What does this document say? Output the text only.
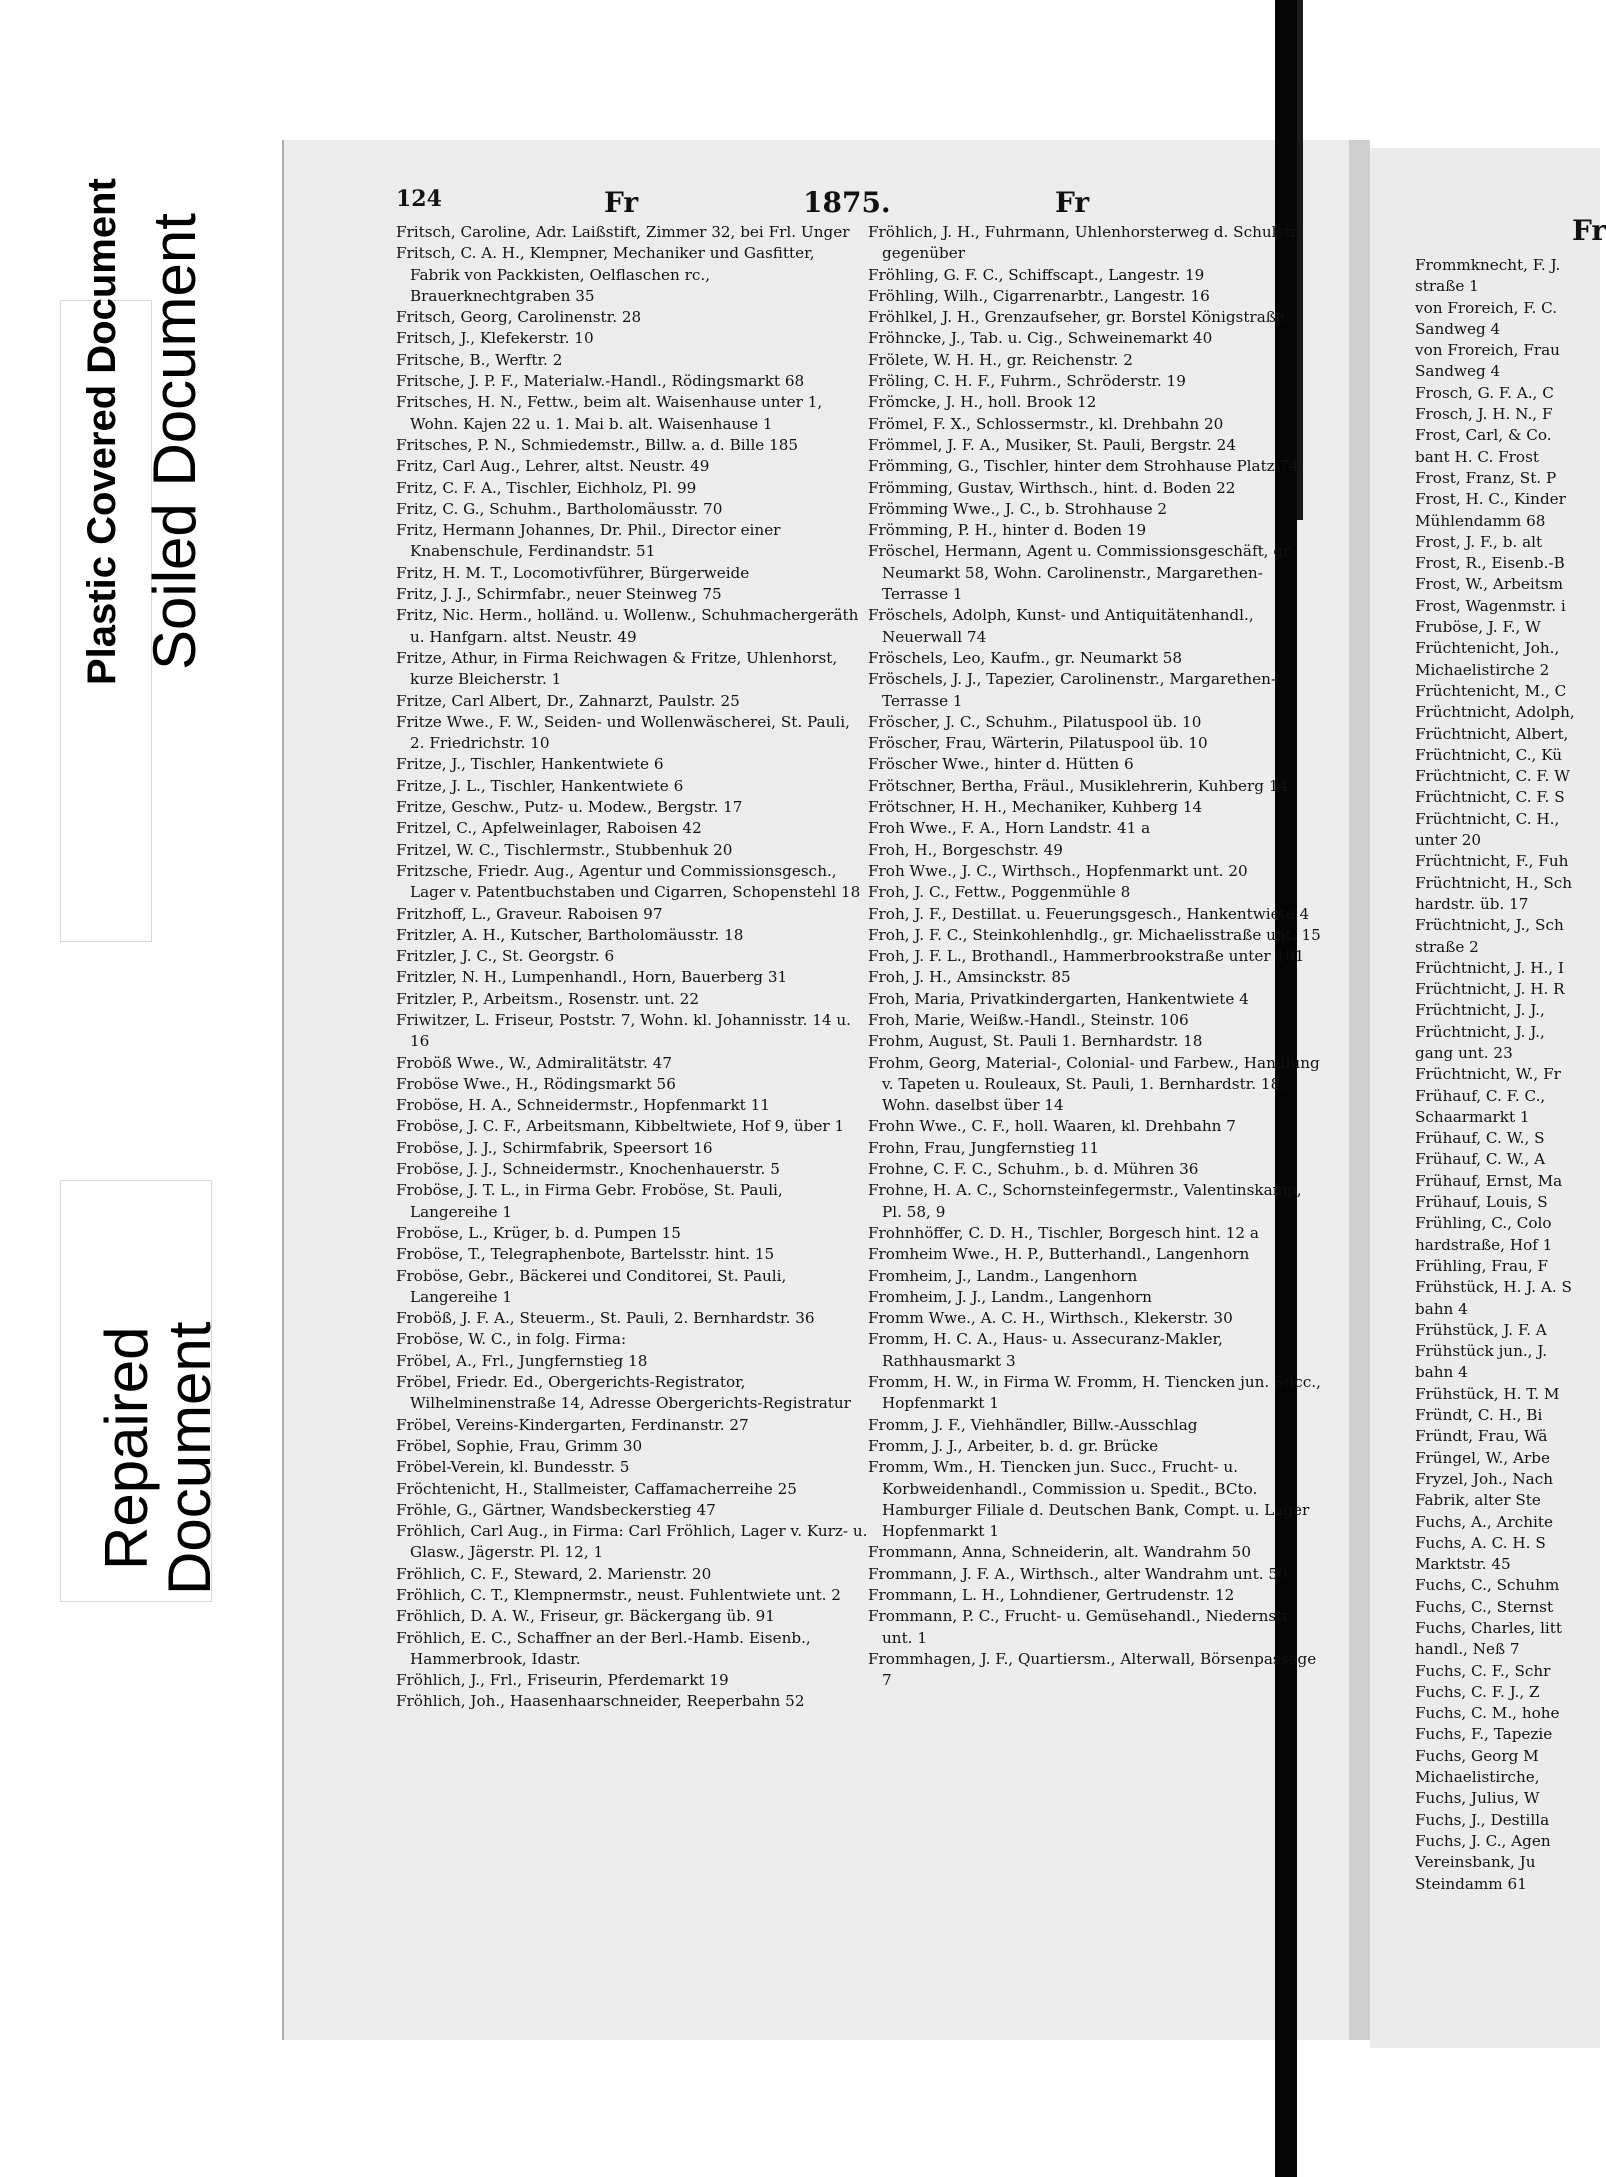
Plastic Covered Document Soiled Document
Repaired
Document
124	Fr	1875.	Fr
Fr

Fritsch, Caroline, Adr. Laißstift, Zimmer 32, bei Frl. Unger

Fritsch, C. A. H., Klempner, Mechaniker und Gasfitter, Fabrik von Packkisten, Oelflaschen rc., Brauerknechtgraben 35

Fritsch, Georg, Carolinenstr. 28

Fritsch, J., Klefekerstr. 10

Fritsche, B., Werftr. 2

Fritsche, J. P. F., Materialw.-Handl., Rödingsmarkt 68

Fritsches, H. N., Fettw., beim alt. Waisenhause unter 1, Wohn. Kajen 22 u. 1. Mai b. alt. Waisenhause 1

Fritsches, P. N., Schmiedemstr., Billw. a. d. Bille 185

Fritz, Carl Aug., Lehrer, altst. Neustr. 49

Fritz, C. F. A., Tischler, Eichholz, Pl. 99

Fritz, C. G., Schuhm., Bartholomäusstr. 70

Fritz, Hermann Johannes, Dr. Phil., Director einer Knabenschule, Ferdinandstr. 51

Fritz, H. M. T., Locomotivführer, Bürgerweide

Fritz, J. J., Schirmfabr., neuer Steinweg 75

Fritz, Nic. Herm., holländ. u. Wollenw., Schuhmachergeräth u. Hanfgarn. altst. Neustr. 49

Fritze, Athur, in Firma Reichwagen & Fritze, Uhlenhorst, kurze Bleicherstr. 1

Fritze, Carl Albert, Dr., Zahnarzt, Paulstr. 25

Fritze Wwe., F. W., Seiden- und Wollenwäscherei, St. Pauli, 2. Friedrichstr. 10

Fritze, J., Tischler, Hankentwiete 6

Fritze, J. L., Tischler, Hankentwiete 6

Fritze, Geschw., Putz- u. Modew., Bergstr. 17

Fritzel, C., Apfelweinlager, Raboisen 42

Fritzel, W. C., Tischlermstr., Stubbenhuk 20

Fritzsche, Friedr. Aug., Agentur und Commissionsgesch., Lager v. Patentbuchstaben und Cigarren, Schopenstehl 18

Fritzhoff, L., Graveur. Raboisen 97

Fritzler, A. H., Kutscher, Bartholomäusstr. 18

Fritzler, J. C., St. Georgstr. 6

Fritzler, N. H., Lumpenhandl., Horn, Bauerberg 31

Fritzler, P., Arbeitsm., Rosenstr. unt. 22

Friwitzer, L. Friseur, Poststr. 7, Wohn. kl. Johannisstr. 14 u. 16

Froböß Wwe., W., Admiralitätstr. 47

Froböse Wwe., H., Rödingsmarkt 56

Froböse, H. A., Schneidermstr., Hopfenmarkt 11

Froböse, J. C. F., Arbeitsmann, Kibbeltwiete, Hof 9, über 1

Froböse, J. J., Schirmfabrik, Speersort 16

Froböse, J. J., Schneidermstr., Knochenhauerstr. 5

Froböse, J. T. L., in Firma Gebr. Froböse, St. Pauli, Langereihe 1

Froböse, L., Krüger, b. d. Pumpen 15

Froböse, T., Telegraphenbote, Bartelsstr. hint. 15

Froböse, Gebr., Bäckerei und Conditorei, St. Pauli, Langereihe 1

Froböß, J. F. A., Steuerm., St. Pauli, 2. Bernhardstr. 36

Froböse, W. C., in folg. Firma:

Fröbel, A., Frl., Jungfernstieg 18

Fröbel, Friedr. Ed., Obergerichts-Registrator, Wilhelminenstraße 14, Adresse Obergerichts-Registratur

Fröbel, Vereins-Kindergarten, Ferdinanstr. 27

Fröbel, Sophie, Frau, Grimm 30

Fröbel-Verein, kl. Bundesstr. 5

Fröchtenicht, H., Stallmeister, Caffamacherreihe 25

Fröhle, G., Gärtner, Wandsbeckerstieg 47

Fröhlich, Carl Aug., in Firma: Carl Fröhlich, Lager v. Kurz- u. Glasw., Jägerstr. Pl. 12, 1

Fröhlich, C. F., Steward, 2. Marienstr. 20

Fröhlich, C. T., Klempnermstr., neust. Fuhlentwiete unt. 2

Fröhlich, D. A. W., Friseur, gr. Bäckergang üb. 91

Fröhlich, E. C., Schaffner an der Berl.-Hamb. Eisenb., Hammerbrook, Idastr.

Fröhlich, J., Frl., Friseurin, Pferdemarkt 19

Fröhlich, Joh., Haasenhaarschneider, Reeperbahn 52

Fröhlich, J. H., Fuhrmann, Uhlenhorsterweg d. Schulstr. gegenüber

Fröhling, G. F. C., Schiffscapt., Langestr. 19

Fröhling, Wilh., Cigarrenarbtr., Langestr. 16

Fröhlkel, J. H., Grenzaufseher, gr. Borstel Königstraße

Fröhncke, J., Tab. u. Cig., Schweinemarkt 40

Frölete, W. H. H., gr. Reichenstr. 2

Fröling, C. H. F., Fuhrm., Schröderstr. 19

Frömcke, J. H., holl. Brook 12

Frömel, F. X., Schlossermstr., kl. Drehbahn 20

Frömmel, J. F. A., Musiker, St. Pauli, Bergstr. 24

Frömming, G., Tischler, hinter dem Strohhause Platz 74

Frömming, Gustav, Wirthsch., hint. d. Boden 22

Frömming Wwe., J. C., b. Strohhause 2

Frömming, P. H., hinter d. Boden 19

Fröschel, Hermann, Agent u. Commissionsgeschäft, gr. Neumarkt 58, Wohn. Carolinenstr., Margarethen-Terrasse 1

Fröschels, Adolph, Kunst- und Antiquitätenhandl., Neuerwall 74

Fröschels, Leo, Kaufm., gr. Neumarkt 58

Fröschels, J. J., Tapezier, Carolinenstr., Margarethen-Terrasse 1

Fröscher, J. C., Schuhm., Pilatuspool üb. 10

Fröscher, Frau, Wärterin, Pilatuspool üb. 10

Fröscher Wwe., hinter d. Hütten 6

Frötschner, Bertha, Fräul., Musiklehrerin, Kuhberg 14

Frötschner, H. H., Mechaniker, Kuhberg 14

Froh Wwe., F. A., Horn Landstr. 41 a

Froh, H., Borgeschstr. 49

Froh Wwe., J. C., Wirthsch., Hopfenmarkt unt. 20

Froh, J. C., Fettw., Poggenmühle 8

Froh, J. F., Destillat. u. Feuerungsgesch., Hankentwiete 4

Froh, J. F. C., Steinkohlenhdlg., gr. Michaelisstraße unt. 15

Froh, J. F. L., Brothandl., Hammerbrookstraße unter 101

Froh, J. H., Amsinckstr. 85

Froh, Maria, Privatkindergarten, Hankentwiete 4

Froh, Marie, Weißw.-Handl., Steinstr. 106

Frohm, August, St. Pauli 1. Bernhardstr. 18

Frohm, Georg, Material-, Colonial- und Farbew., Handlung v. Tapeten u. Rouleaux, St. Pauli, 1. Bernhardstr. 18, Wohn. daselbst über 14

Frohn Wwe., C. F., holl. Waaren, kl. Drehbahn 7

Frohn, Frau, Jungfernstieg 11

Frohne, C. F. C., Schuhm., b. d. Mühren 36

Frohne, H. A. C., Schornsteinfegermstr., Valentinskamp, Pl. 58, 9

Frohnhöffer, C. D. H., Tischler, Borgesch hint. 12 a

Fromheim Wwe., H. P., Butterhandl., Langenhorn

Fromheim, J., Landm., Langenhorn

Fromheim, J. J., Landm., Langenhorn

Fromm Wwe., A. C. H., Wirthsch., Klekerstr. 30

Fromm, H. C. A., Haus- u. Assecuranz-Makler, Rathhausmarkt 3

Fromm, H. W., in Firma W. Fromm, H. Tiencken jun. Succ., Hopfenmarkt 1

Fromm, J. F., Viehhändler, Billw.-Ausschlag

Fromm, J. J., Arbeiter, b. d. gr. Brücke

Fromm, Wm., H. Tiencken jun. Succ., Frucht- u. Korbweidenhandl., Commission u. Spedit., BCto. Hamburger Filiale d. Deutschen Bank, Compt. u. Lager Hopfenmarkt 1

Frommann, Anna, Schneiderin, alt. Wandrahm 50

Frommann, J. F. A., Wirthsch., alter Wandrahm unt. 50

Frommann, L. H., Lohndiener, Gertrudenstr. 12

Frommann, P. C., Frucht- u. Gemüsehandl., Niedernstr. unt. 1

Frommhagen, J. F., Quartiersm., Alterwall, Börsenpassage 7

Frommknecht, F. J.

straße 1

von Froreich, F. C.

Sandweg 4

von Froreich, Frau

Sandweg 4

Frosch, G. F. A., C

Frosch, J. H. N., F

Frost, Carl, & Co.

bant H. C. Frost

Frost, Franz, St. P

Frost, H. C., Kinder

Mühlendamm 68

Frost, J. F., b. alt

Frost, R., Eisenb.-B

Frost, W., Arbeitsm

Frost, Wagenmstr. i

Fruböse, J. F., W

Früchtenicht, Joh.,

Michaelistirche 2

Früchtenicht, M., C

Früchtnicht, Adolph,

Früchtnicht, Albert,

Früchtnicht, C., Kü

Früchtnicht, C. F. W

Früchtnicht, C. F. S

Früchtnicht, C. H.,

unter 20

Früchtnicht, F., Fuh

Früchtnicht, H., Sch

hardstr. üb. 17

Früchtnicht, J., Sch

straße 2

Früchtnicht, J. H., I

Früchtnicht, J. H. R

Früchtnicht, J. J.,

Früchtnicht, J. J.,

gang unt. 23

Früchtnicht, W., Fr

Frühauf, C. F. C.,

Schaarmarkt 1

Frühauf, C. W., S

Frühauf, C. W., A

Frühauf, Ernst, Ma

Frühauf, Louis, S

Frühling, C., Colo

hardstraße, Hof 1

Frühling, Frau, F

Frühstück, H. J. A. S

bahn 4

Frühstück, J. F. A

Frühstück jun., J.

bahn 4

Frühstück, H. T. M

Fründt, C. H., Bi

Fründt, Frau, Wä

Früngel, W., Arbe

Fryzel, Joh., Nach

Fabrik, alter Ste

Fuchs, A., Archite

Fuchs, A. C. H. S

Marktstr. 45

Fuchs, C., Schuhm

Fuchs, C., Sternst

Fuchs, Charles, litt

handl., Neß 7

Fuchs, C. F., Schr

Fuchs, C. F. J., Z

Fuchs, C. M., hohe

Fuchs, F., Tapezie

Fuchs, Georg M

Michaelistirche,

Fuchs, Julius, W

Fuchs, J., Destilla

Fuchs, J. C., Agen

Vereinsbank, Ju

Steindamm 61
